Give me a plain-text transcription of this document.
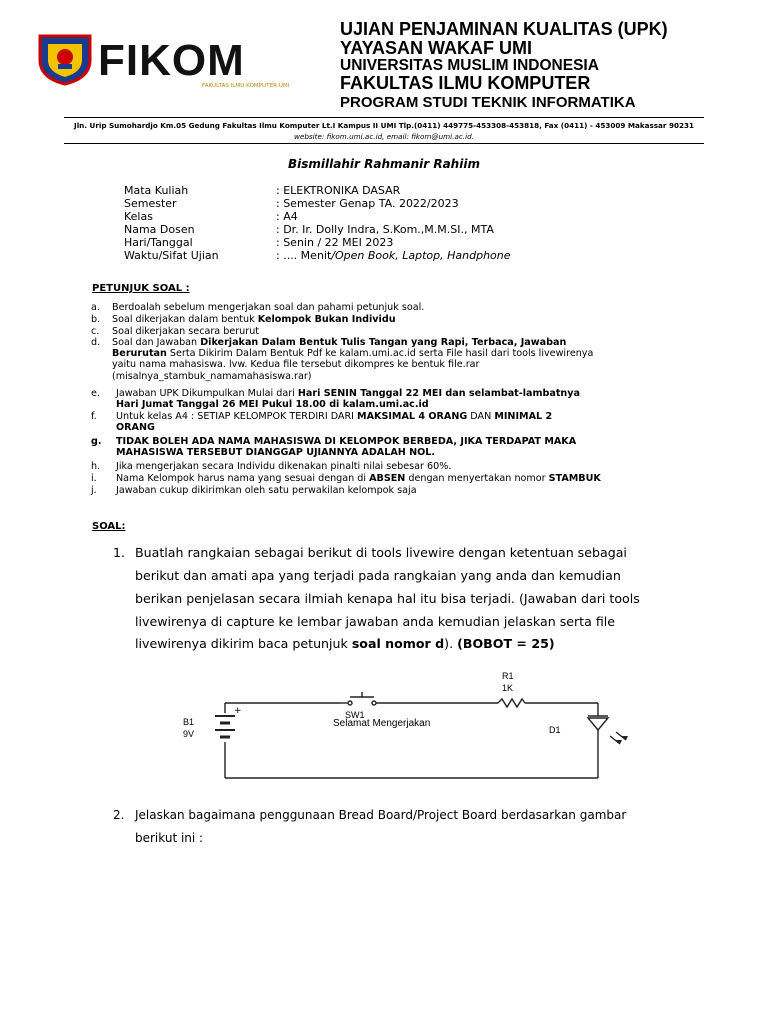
FIKOM
FAKULTAS ILMU KOMPUTER UMI
UJIAN PENJAMINAN KUALITAS (UPK)
YAYASAN WAKAF UMI
UNIVERSITAS MUSLIM INDONESIA
FAKULTAS ILMU KOMPUTER
PROGRAM STUDI TEKNIK INFORMATIKA
Jln. Urip Sumohardjo Km.05 Gedung Fakultas Ilmu Komputer Lt.I Kampus II UMI Tlp.(0411) 449775-453308-453818, Fax (0411) - 453009 Makassar 90231
website: fikom.umi.ac.id, email: fikom@umi.ac.id.
Bismillahir Rahmanir Rahiim
Mata Kuliah	: ELEKTRONIKA DASAR
Semester	: Semester Genap TA. 2022/2023
Kelas	: A4
Nama Dosen	: Dr. Ir. Dolly Indra, S.Kom.,M.M.SI., MTA
Hari/Tanggal	: Senin / 22 MEI 2023
Waktu/Sifat Ujian	: .... Menit/Open Book, Laptop, Handphone
PETUNJUK SOAL :
a. Berdoalah sebelum mengerjakan soal dan pahami petunjuk soal.
b. Soal dikerjakan dalam bentuk Kelompok Bukan Individu
c. Soal dikerjakan secara berurut
d. Soal dan Jawaban Dikerjakan Dalam Bentuk Tulis Tangan yang Rapi, Terbaca, Jawaban
Berurutan Serta Dikirim Dalam Bentuk Pdf ke kalam.umi.ac.id serta File hasil dari tools livewirenya
yaitu nama mahasiswa. lvw. Kedua file tersebut dikompres ke bentuk file.rar
(misalnya_stambuk_namamahasiswa.rar)
e. Jawaban UPK Dikumpulkan Mulai dari Hari SENIN Tanggal 22 MEI dan selambat-lambatnya
Hari Jumat Tanggal 26 MEI Pukul 18.00 di kalam.umi.ac.id
f. Untuk kelas A4 : SETIAP KELOMPOK TERDIRI DARI MAKSIMAL 4 ORANG DAN MINIMAL 2
ORANG
g. TIDAK BOLEH ADA NAMA MAHASISWA DI KELOMPOK BERBEDA, JIKA TERDAPAT MAKA
MAHASISWA TERSEBUT DIANGGAP UJIANNYA ADALAH NOL.
h. Jika mengerjakan secara Individu dikenakan pinalti nilai sebesar 60%.
i. Nama Kelompok harus nama yang sesuai dengan di ABSEN dengan menyertakan nomor STAMBUK
j. Jawaban cukup dikirimkan oleh satu perwakilan kelompok saja
SOAL:
1. Buatlah rangkaian sebagai berikut di tools livewire dengan ketentuan sebagai
berikut dan amati apa yang terjadi pada rangkaian yang anda dan kemudian
berikan penjelasan secara ilmiah kenapa hal itu bisa terjadi. (Jawaban dari tools
livewirenya di capture ke lembar jawaban anda kemudian jelaskan serta file
livewirenya dikirim baca petunjuk soal nomor d). (BOBOT = 25)
+
B1
9V
SW1
Selamat Mengerjakan
R1
1K
D1
2. Jelaskan bagaimana penggunaan Bread Board/Project Board berdasarkan gambar
berikut ini :
